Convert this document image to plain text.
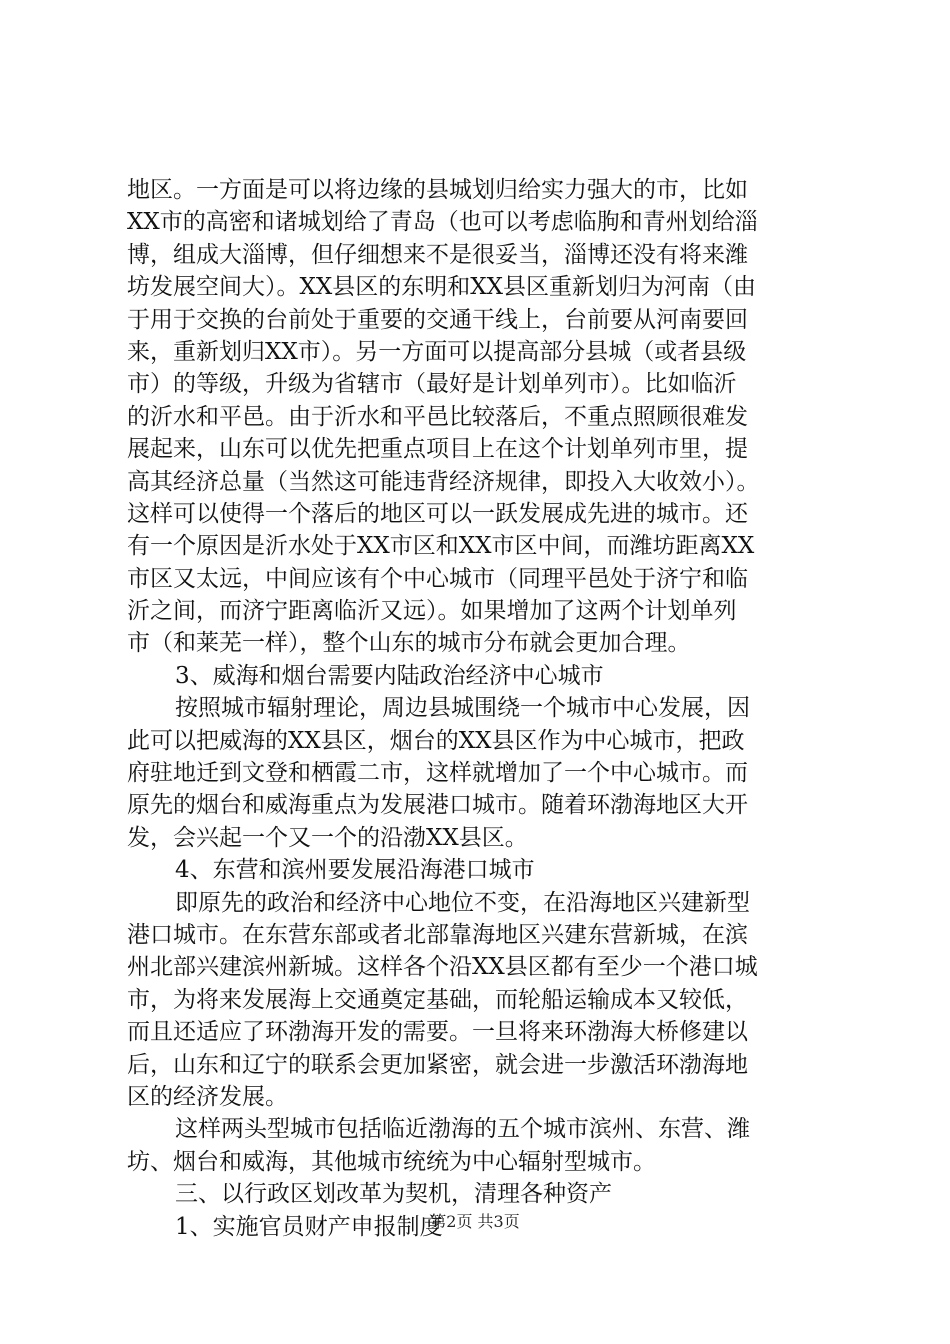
地区。一方面是可以将边缘的县城划归给实力强大的市，比如
XX市的高密和诸城划给了青岛（也可以考虑临朐和青州划给淄
博，组成大淄博，但仔细想来不是很妥当，淄博还没有将来潍
坊发展空间大）。XX县区的东明和XX县区重新划归为河南（由
于用于交换的台前处于重要的交通干线上，台前要从河南要回
来，重新划归XX市）。另一方面可以提高部分县城（或者县级
市）的等级，升级为省辖市（最好是计划单列市）。比如临沂
的沂水和平邑。由于沂水和平邑比较落后，不重点照顾很难发
展起来，山东可以优先把重点项目上在这个计划单列市里，提
高其经济总量（当然这可能违背经济规律，即投入大收效小）。
这样可以使得一个落后的地区可以一跃发展成先进的城市。还
有一个原因是沂水处于XX市区和XX市区中间，而潍坊距离XX
市区又太远，中间应该有个中心城市（同理平邑处于济宁和临
沂之间，而济宁距离临沂又远）。如果增加了这两个计划单列
市（和莱芜一样），整个山东的城市分布就会更加合理。
3、威海和烟台需要内陆政治经济中心城市
按照城市辐射理论，周边县城围绕一个城市中心发展，因
此可以把威海的XX县区，烟台的XX县区作为中心城市，把政
府驻地迁到文登和栖霞二市，这样就增加了一个中心城市。而
原先的烟台和威海重点为发展港口城市。随着环渤海地区大开
发，会兴起一个又一个的沿渤XX县区。
4、东营和滨州要发展沿海港口城市
即原先的政治和经济中心地位不变，在沿海地区兴建新型
港口城市。在东营东部或者北部靠海地区兴建东营新城，在滨
州北部兴建滨州新城。这样各个沿XX县区都有至少一个港口城
市，为将来发展海上交通奠定基础，而轮船运输成本又较低，
而且还适应了环渤海开发的需要。一旦将来环渤海大桥修建以
后，山东和辽宁的联系会更加紧密，就会进一步激活环渤海地
区的经济发展。
这样两头型城市包括临近渤海的五个城市滨州、东营、潍
坊、烟台和威海，其他城市统统为中心辐射型城市。
三、以行政区划改革为契机，清理各种资产
1、实施官员财产申报制度
第2页 共3页
